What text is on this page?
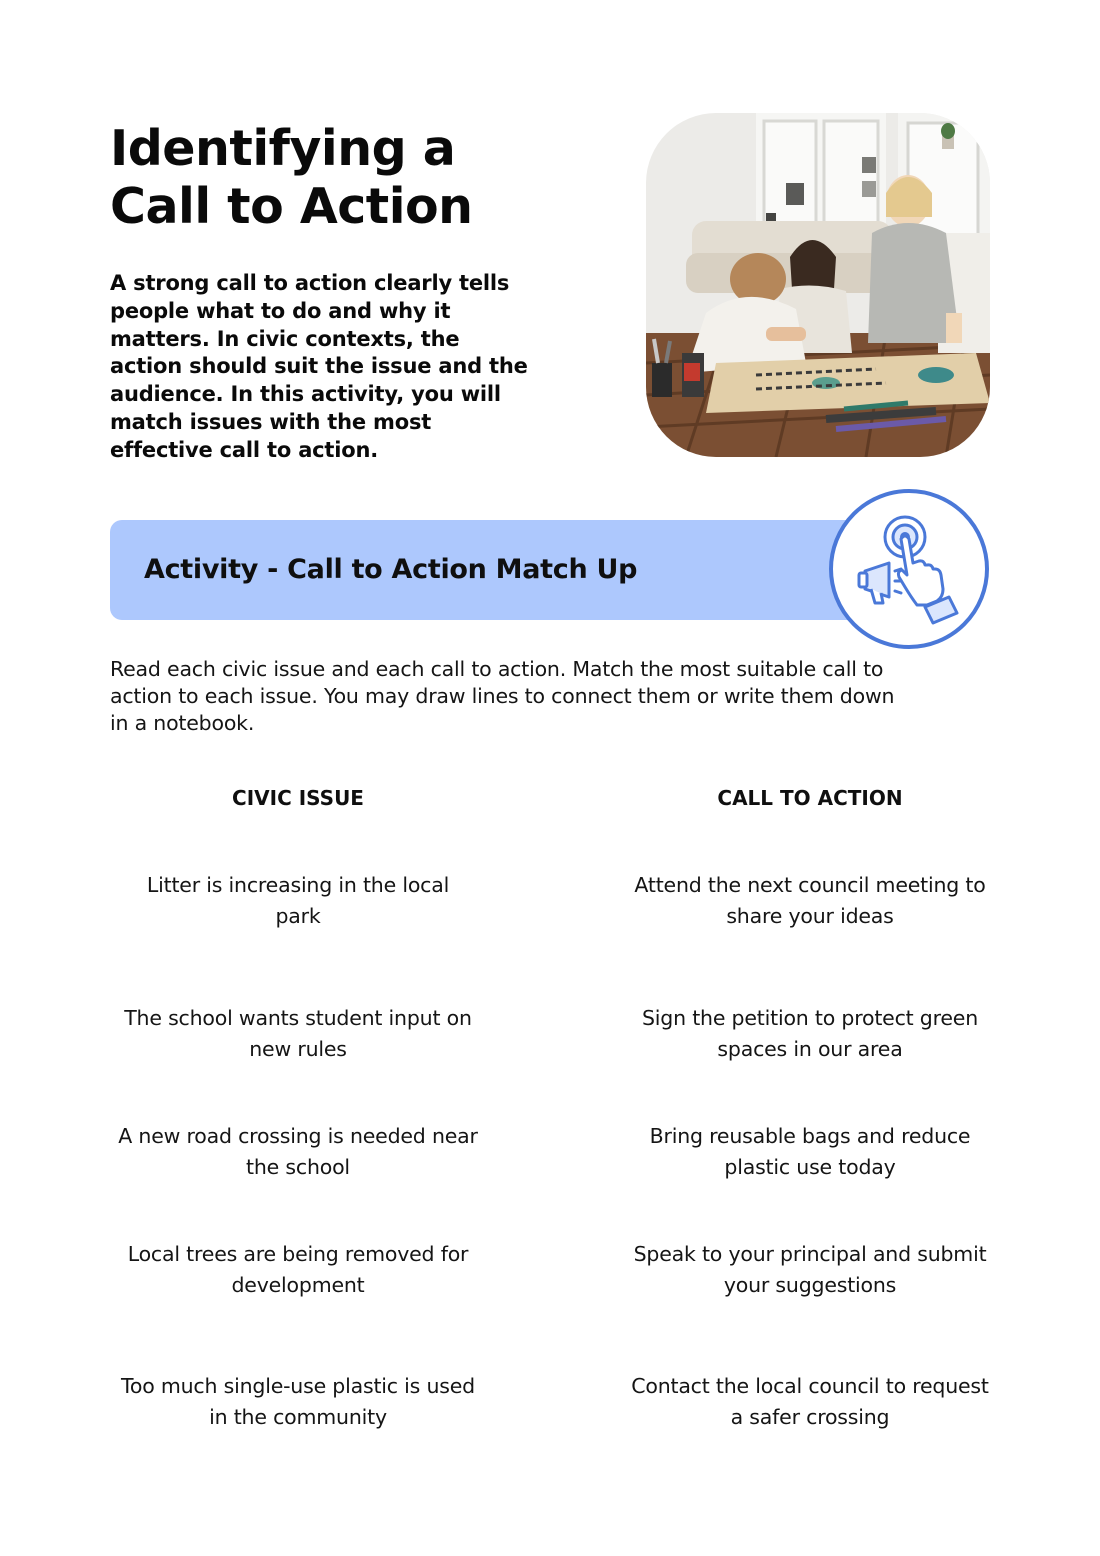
Identifying a
Call to Action

A strong call to action clearly tells people what to do and why it matters. In civic contexts, the action should suit the issue and the audience. In this activity, you will match issues with the most effective call to action.

Activity - Call to Action Match Up

Read each civic issue and each call to action. Match the most suitable call to action to each issue. You may draw lines to connect them or write them down in a notebook.

CIVIC ISSUE	CALL TO ACTION
Litter is increasing in the local park
The school wants student input on new rules
A new road crossing is needed near the school
Local trees are being removed for development
Too much single-use plastic is used in the community
Attend the next council meeting to share your ideas
Sign the petition to protect green spaces in our area
Bring reusable bags and reduce plastic use today
Speak to your principal and submit your suggestions
Contact the local council to request a safer crossing
